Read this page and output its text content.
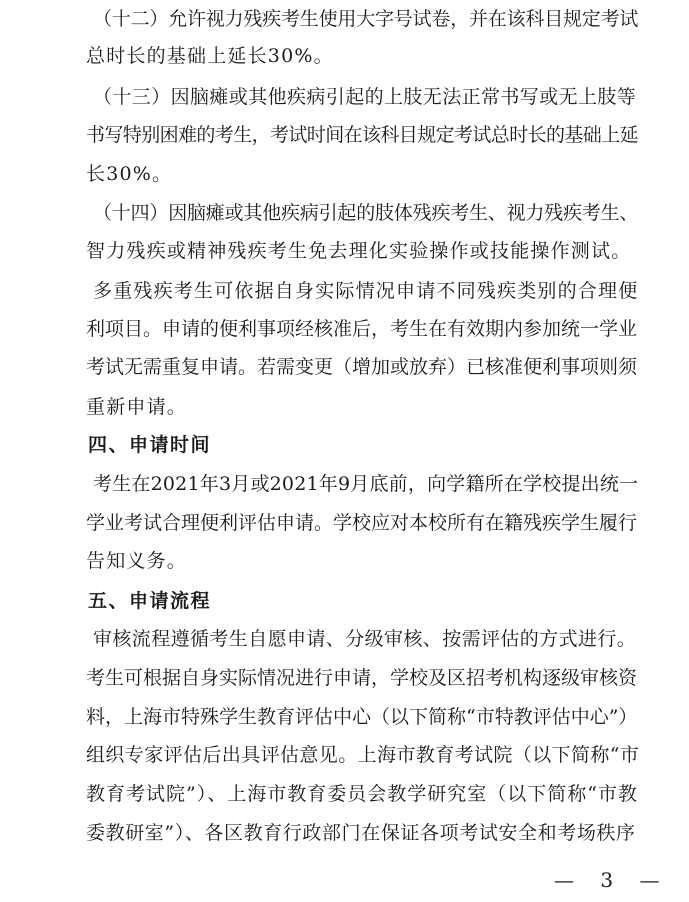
（十二）允许视力残疾考生使用大字号试卷，并在该科目规定考试
总时长的基础上延长30%。
（十三）因脑瘫或其他疾病引起的上肢无法正常书写或无上肢等
书写特别困难的考生，考试时间在该科目规定考试总时长的基础上延
长30%。
（十四）因脑瘫或其他疾病引起的肢体残疾考生、视力残疾考生、
智力残疾或精神残疾考生免去理化实验操作或技能操作测试。
多重残疾考生可依据自身实际情况申请不同残疾类别的合理便
利项目。申请的便利事项经核准后，考生在有效期内参加统一学业
考试无需重复申请。若需变更（增加或放弃）已核准便利事项则须
重新申请。
四、申请时间
考生在2021年3月或2021年9月底前，向学籍所在学校提出统一
学业考试合理便利评估申请。学校应对本校所有在籍残疾学生履行
告知义务。
五、申请流程
审核流程遵循考生自愿申请、分级审核、按需评估的方式进行。
考生可根据自身实际情况进行申请，学校及区招考机构逐级审核资
料，上海市特殊学生教育评估中心（以下简称“市特教评估中心”）
组织专家评估后出具评估意见。上海市教育考试院（以下简称“市
教育考试院”）、上海市教育委员会教学研究室（以下简称“市教
委教研室”）、各区教育行政部门在保证各项考试安全和考场秩序
— 3 —
